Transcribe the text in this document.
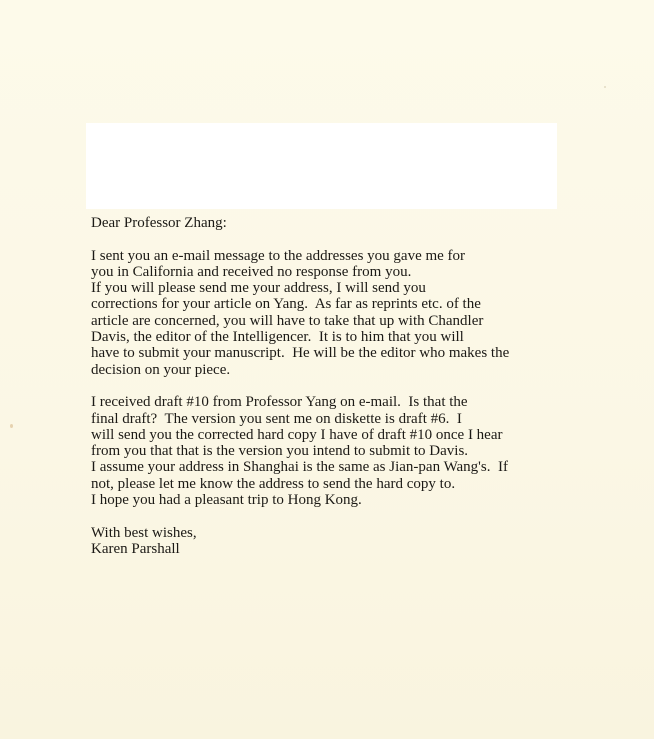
Dear Professor Zhang:
I sent you an e-mail message to the addresses you gave me for
you in California and received no response from you.
If you will please send me your address, I will send you
corrections for your article on Yang.  As far as reprints etc. of the
article are concerned, you will have to take that up with Chandler
Davis, the editor of the Intelligencer.  It is to him that you will
have to submit your manuscript.  He will be the editor who makes the
decision on your piece.
I received draft #10 from Professor Yang on e-mail.  Is that the
final draft?  The version you sent me on diskette is draft #6.  I
will send you the corrected hard copy I have of draft #10 once I hear
from you that that is the version you intend to submit to Davis.
I assume your address in Shanghai is the same as Jian-pan Wang's.  If
not, please let me know the address to send the hard copy to.
I hope you had a pleasant trip to Hong Kong.
With best wishes,
Karen Parshall
